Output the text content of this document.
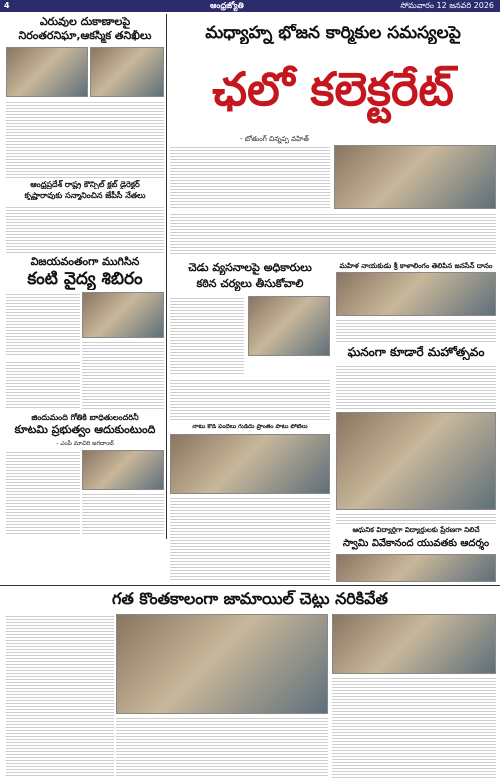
4	ఆంధ్రజ్యోతి	సోమవారం 12 జనవరి 2026
ఎరువుల దుకాణాలపై
నిరంతరనిఘా,ఆకస్మిక తనిఖీలు
ఆంధ్రప్రదేశ్ రాష్ట్ర కౌన్సిల్ క్లబ్ డైరెక్టర్
కృష్ణారావుకు సన్మానించిన జేపీసీ నేతలు
విజయవంతంగా ముగిసిన
కంటి వైద్య శిబిరం
జిందుమంది గోతికి బాధితులందరినీ
కూటమి ప్రభుత్వం ఆదుకుంటుంది
- ఎంపీ మాచిరి జగదాంబ్
మధ్యాహ్న భోజన కార్మికుల సమస్యలపై
ఛలో కలెక్టరేట్
- బోతుంగ్ చిన్నప్ప వహిత్
చెడు వ్యసనాలపై అధికారులు
కఠిన చర్యలు తీసుకోవాలి
నాటు కోడి పందేలు గుడిదు ప్రాంతం పాటు పోటీలు
మహిళ నాయకుడు శ్రీ కాళాలింగం తెలిపిన జనసేన్ దానం
ఘనంగా కూడారే మహోత్సవం
ఆధునిక విద్యార్థిగా విద్యార్థులకు ప్రేరణగా నిలిచే
స్వామి వివేకానంద యువతకు ఆదర్శం
గత కొంతకాలంగా జామాయిల్ చెట్లు నరికివేత
